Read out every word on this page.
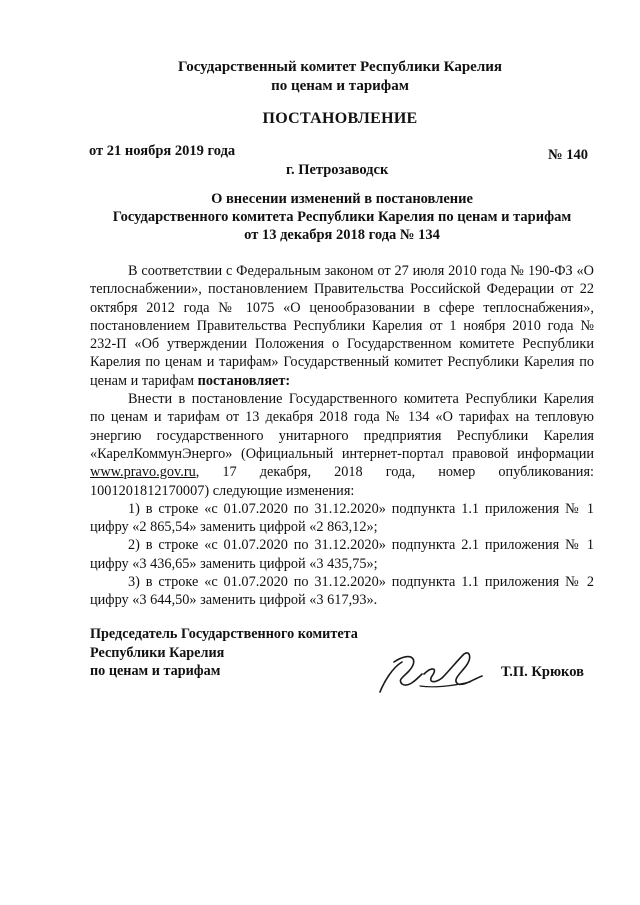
Государственный комитет Республики Карелия
по ценам и тарифам
ПОСТАНОВЛЕНИЕ
от 21 ноября 2019 года	№ 140
г. Петрозаводск
О внесении изменений в постановление
Государственного комитета Республики Карелия по ценам и тарифам
от 13 декабря 2018 года № 134

В соответствии с Федеральным законом от 27 июля 2010 года № 190-ФЗ «О теплоснабжении», постановлением Правительства Российской Федерации от 22 октября 2012 года № 1075 «О ценообразовании в сфере теплоснабжения», постановлением Правительства Республики Карелия от 1 ноября 2010 года № 232-П «Об утверждении Положения о Государственном комитете Республики Карелия по ценам и тарифам» Государственный комитет Республики Карелия по ценам и тарифам постановляет:

Внести в постановление Государственного комитета Республики Карелия по ценам и тарифам от 13 декабря 2018 года № 134 «О тарифах на тепловую энергию государственного унитарного предприятия Республики Карелия «КарелКоммунЭнерго» (Официальный интернет-портал правовой информации www.pravo.gov.ru, 17 декабря, 2018 года, номер опубликования: 1001201812170007) следующие изменения:

1) в строке «с 01.07.2020 по 31.12.2020» подпункта 1.1 приложения № 1 цифру «2 865,54» заменить цифрой «2 863,12»;

2) в строке «с 01.07.2020 по 31.12.2020» подпункта 2.1 приложения № 1 цифру «3 436,65» заменить цифрой «3 435,75»;

3) в строке «с 01.07.2020 по 31.12.2020» подпункта 1.1 приложения № 2 цифру «3 644,50» заменить цифрой «3 617,93».

Председатель Государственного комитета
Республики Карелия
по ценам и тарифам	Т.П. Крюков
